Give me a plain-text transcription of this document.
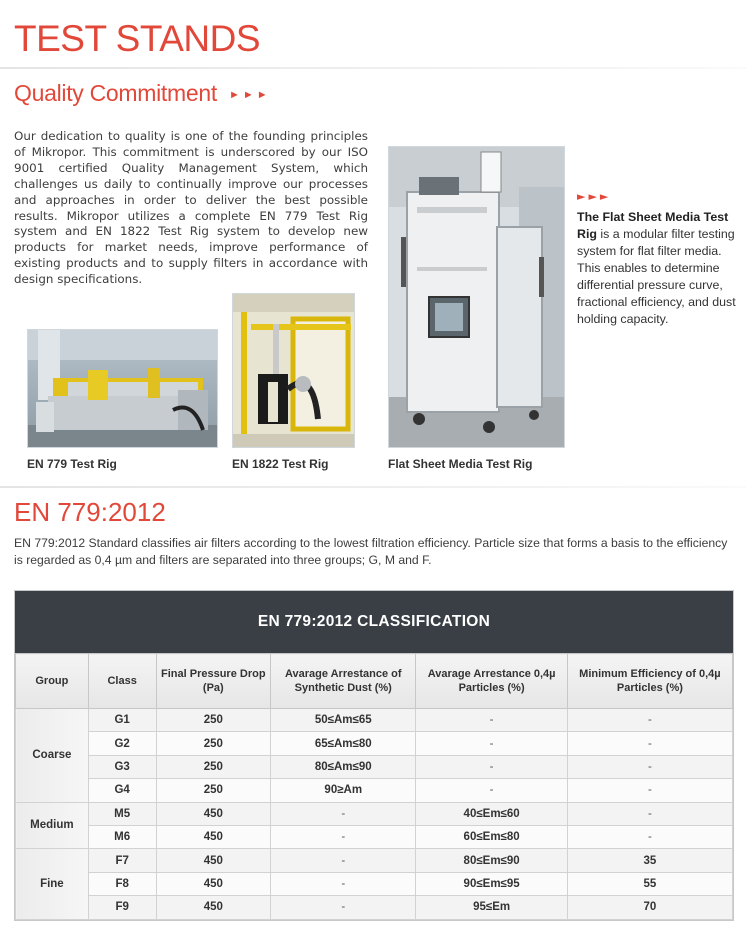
TEST STANDS
Quality Commitment ►►►

Our dedication to quality is one of the founding principles of Mikropor. This commitment is underscored by our ISO 9001 certified Quality Management System, which challenges us daily to continually improve our processes and approaches in order to deliver the best possible results. Mikropor utilizes a complete EN 779 Test Rig system and EN 1822 Test Rig system to develop new products for market needs, improve performance of existing products and to supply filters in accordance with design specifications.

EN 779 Test Rig	EN 1822 Test Rig	Flat Sheet Media Test Rig
►►►
The Flat Sheet Media Test Rig is a modular filter testing system for flat filter media.
This enables to determine differential pressure curve, fractional efficiency, and dust holding capacity.
EN 779:2012

EN 779:2012 Standard classifies air filters according to the lowest filtration efficiency. Particle size that forms a basis to the efficiency is regarded as 0,4 µm and filters are separated into three groups; G, M and F.

EN 779:2012 CLASSIFICATION
Group	Class	Final Pressure Drop (Pa)	Avarage Arrestance of Synthetic Dust (%)	Avarage Arrestance 0,4µ Particles (%)	Minimum Efficiency of 0,4µ Particles (%)
Coarse	G1	250	50≤Am≤65	-	-
	G2	250	65≤Am≤80	-	-
	G3	250	80≤Am≤90	-	-
	G4	250	90≥Am	-	-
Medium	M5	450	-	40≤Em≤60	-
	M6	450	-	60≤Em≤80	-
Fine	F7	450	-	80≤Em≤90	35
	F8	450	-	90≤Em≤95	55
	F9	450	-	95≤Em	70
